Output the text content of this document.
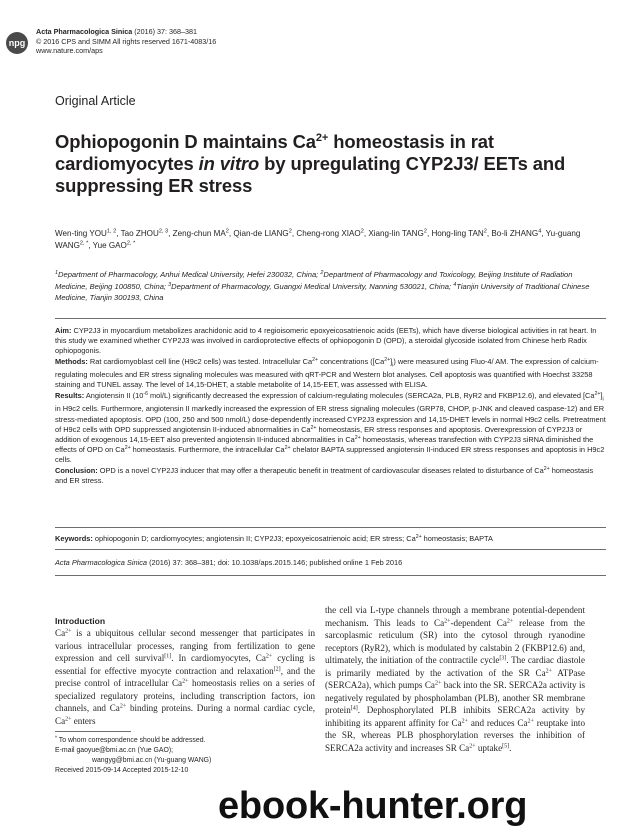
npg
Acta Pharmacologica Sinica (2016) 37: 368–381
© 2016 CPS and SIMM All rights reserved 1671-4083/16
www.nature.com/aps
Original Article
Ophiopogonin D maintains $Ca^{2+}$ homeostasis in rat cardiomyocytes in vitro by upregulating CYP2J3/ EETs and suppressing ER stress
Wen-ting YOU$^{1, 2}$, Tao ZHOU$^{2, 3}$, Zeng-chun $MA^2$, Qian-de LIANG$^2$, Cheng-rong XIAO$^2$, Xiang-lin TANG$^2$, Hong-ling TAN$^2$, Bo-li ZHANG$^4$, Yu-guang $WANG^{2, *}$, Yue $GAO^{2, *}$
$^1$Department of Pharmacology, Anhui Medical University, Hefei 230032, China; $^2$Department of Pharmacology and Toxicology, Beijing Institute of Radiation Medicine, Beijing 100850, China; $^3$Department of Pharmacology, Guangxi Medical University, Nanning 530021, China; $^4$Tianjin University of Traditional Chinese Medicine, Tianjin 300193, China

Aim: CYP2J3 in myocardium metabolizes arachidonic acid to 4 regioisomeric epoxyeicosatrienoic acids (EETs), which have diverse biological activities in rat heart. In this study we examined whether CYP2J3 was involved in cardioprotective effects of ophiopogonin D (OPD), a steroidal glycoside isolated from Chinese herb Radix ophiopogonis.

Methods: Rat cardiomyoblast cell line (H9c2 cells) was tested. Intracellular $Ca^{2+}$ concentrations $([Ca^{2+}]_i)$ were measured using Fluo-4/ AM. The expression of calcium-regulating molecules and ER stress signaling molecules was measured with qRT-PCR and Western blot analyses. Cell apoptosis was quantified with Hoechst 33258 staining and TUNEL assay. The level of 14,15-DHET, a stable metabolite of 14,15-EET, was assessed with ELISA.

Results: Angiotensin II ($10^{-6}$ mol/L) significantly decreased the expression of calcium-regulating molecules (SERCA2a, PLB, RyR2 and FKBP12.6), and elevated $[Ca^{2+}]_i$ in H9c2 cells. Furthermore, angiotensin II markedly increased the expression of ER stress signaling molecules (GRP78, CHOP, p-JNK and cleaved caspase-12) and ER stress-mediated apoptosis. OPD (100, 250 and 500 nmol/L) dose-dependently increased CYP2J3 expression and 14,15-DHET levels in normal H9c2 cells. Pretreatment of H9c2 cells with OPD suppressed angiotensin II-induced abnormalities in $Ca^{2+}$ homeostasis, ER stress responses and apoptosis. Overexpression of CYP2J3 or addition of exogenous 14,15-EET also prevented angiotensin II-induced abnormalities in $Ca^{2+}$ homeostasis, whereas transfection with CYP2J3 siRNA diminished the effects of OPD on $Ca^{2+}$ homeostasis. Furthermore, the intracellular $Ca^{2+}$ chelator BAPTA suppressed angiotensin II-induced ER stress responses and apoptosis in H9c2 cells.

Conclusion: OPD is a novel CYP2J3 inducer that may offer a therapeutic benefit in treatment of cardiovascular diseases related to disturbance of $Ca^{2+}$ homeostasis and ER stress.

Keywords: ophiopogonin D; cardiomyocytes; angiotensin II; CYP2J3; epoxyeicosatrienoic acid; ER stress; $Ca^{2+}$ homeostasis; BAPTA
Acta Pharmacologica Sinica (2016) 37: 368–381; doi: 10.1038/aps.2015.146; published online 1 Feb 2016
Introduction
$Ca^{2+}$ is a ubiquitous cellular second messenger that participates in various intracellular processes, ranging from fertilization to gene expression and cell survival[1]. In cardiomyocytes, $Ca^{2+}$ cycling is essential for effective myocyte contraction and relaxation[2], and the precise control of intracellular $Ca^{2+}$ homeostasis relies on a series of specialized regulatory proteins, including transcription factors, ion channels, and $Ca^{2+}$ binding proteins. During a normal cardiac cycle, $Ca^{2+}$ enters
the cell via L-type channels through a membrane potential-dependent mechanism. This leads to $Ca^{2+}$-dependent $Ca^{2+}$ release from the sarcoplasmic reticulum (SR) into the cytosol through ryanodine receptors (RyR2), which is modulated by calstabin 2 (FKBP12.6) and, ultimately, the initiation of the contractile cycle[3]. The cardiac diastole is primarily mediated by the activation of the SR $Ca^{2+}$ ATPase (SERCA2a), which pumps $Ca^{2+}$ back into the SR. SERCA2a activity is negatively regulated by phospholamban (PLB), another SR membrane protein[4]. Dephosphorylated PLB inhibits SERCA2a activity by inhibiting its apparent affinity for $Ca^{2+}$ and reduces $Ca^{2+}$ reuptake into the SR, whereas PLB phosphorylation reverses the inhibition of SERCA2a activity and increases SR $Ca^{2+}$ uptake[5].
* To whom correspondence should be addressed.
E-mail gaoyue@bmi.ac.cn (Yue GAO);
wangyg@bmi.ac.cn (Yu-guang WANG)
Received 2015-09-14 Accepted 2015-12-10
ebook-hunter.org
